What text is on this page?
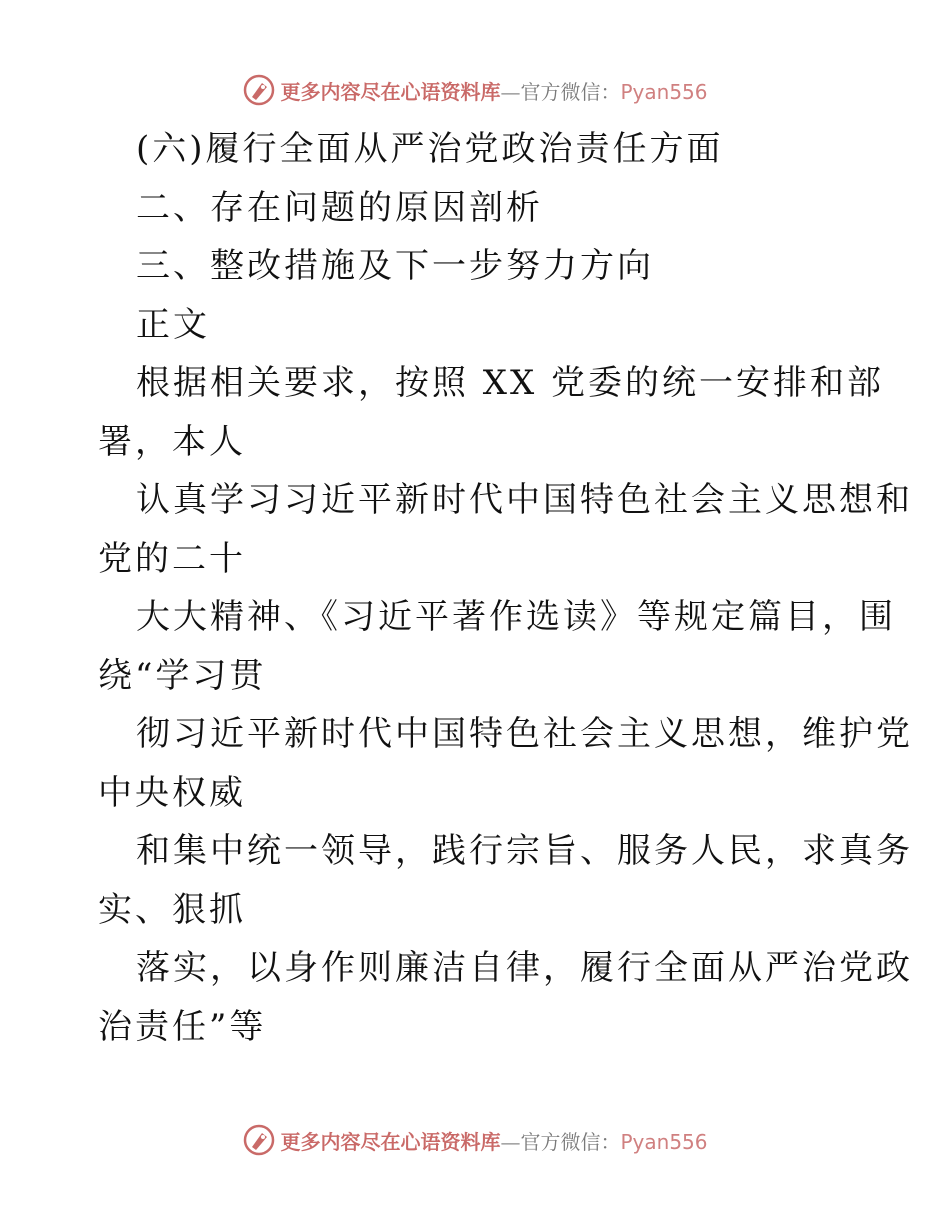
更多内容尽在心语资料库—官方微信：Pyan556
(六)履行全面从严治党政治责任方面
二、存在问题的原因剖析
三、整改措施及下一步努力方向
正文
根据相关要求，按照 XX 党委的统一安排和部
署，本人
认真学习习近平新时代中国特色社会主义思想和
党的二十
大大精神、《习近平著作选读》等规定篇目，围
绕“学习贯
彻习近平新时代中国特色社会主义思想，维护党
中央权威
和集中统一领导，践行宗旨、服务人民，求真务
实、狠抓
落实，以身作则廉洁自律，履行全面从严治党政
治责任”等
更多内容尽在心语资料库—官方微信：Pyan556
